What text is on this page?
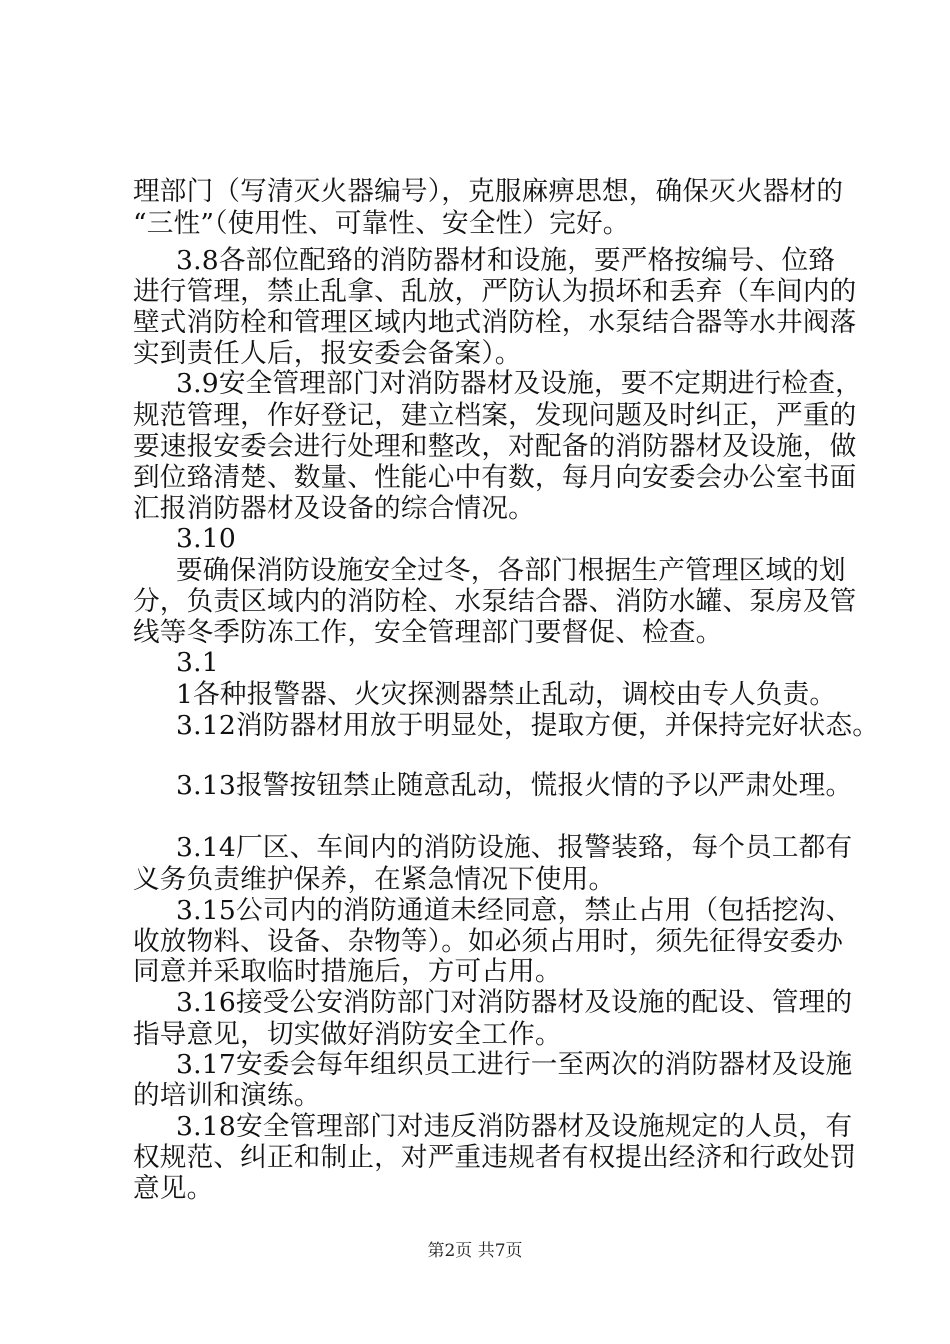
理部门（写清灭火器编号），克服麻痹思想，确保灭火器材的
“三性”（使用性、可靠性、安全性）完好。
3.8各部位配臵的消防器材和设施，要严格按编号、位臵
进行管理，禁止乱拿、乱放，严防认为损坏和丢弃（车间内的
壁式消防栓和管理区域内地式消防栓，水泵结合器等水井阀落
实到责任人后，报安委会备案）。
3.9安全管理部门对消防器材及设施，要不定期进行检查，
规范管理，作好登记，建立档案，发现问题及时纠正，严重的
要速报安委会进行处理和整改，对配备的消防器材及设施，做
到位臵清楚、数量、性能心中有数，每月向安委会办公室书面
汇报消防器材及设备的综合情况。
3.10
要确保消防设施安全过冬，各部门根据生产管理区域的划
分，负责区域内的消防栓、水泵结合器、消防水罐、泵房及管
线等冬季防冻工作，安全管理部门要督促、检查。
3.1
1各种报警器、火灾探测器禁止乱动，调校由专人负责。
3.12消防器材用放于明显处，提取方便，并保持完好状态。
3.13报警按钮禁止随意乱动，慌报火情的予以严肃处理。
3.14厂区、车间内的消防设施、报警装臵，每个员工都有
义务负责维护保养，在紧急情况下使用。
3.15公司内的消防通道未经同意，禁止占用（包括挖沟、
收放物料、设备、杂物等）。如必须占用时，须先征得安委办
同意并采取临时措施后，方可占用。
3.16接受公安消防部门对消防器材及设施的配设、管理的
指导意见，切实做好消防安全工作。
3.17安委会每年组织员工进行一至两次的消防器材及设施
的培训和演练。
3.18安全管理部门对违反消防器材及设施规定的人员，有
权规范、纠正和制止，对严重违规者有权提出经济和行政处罚
意见。
第2页 共7页
